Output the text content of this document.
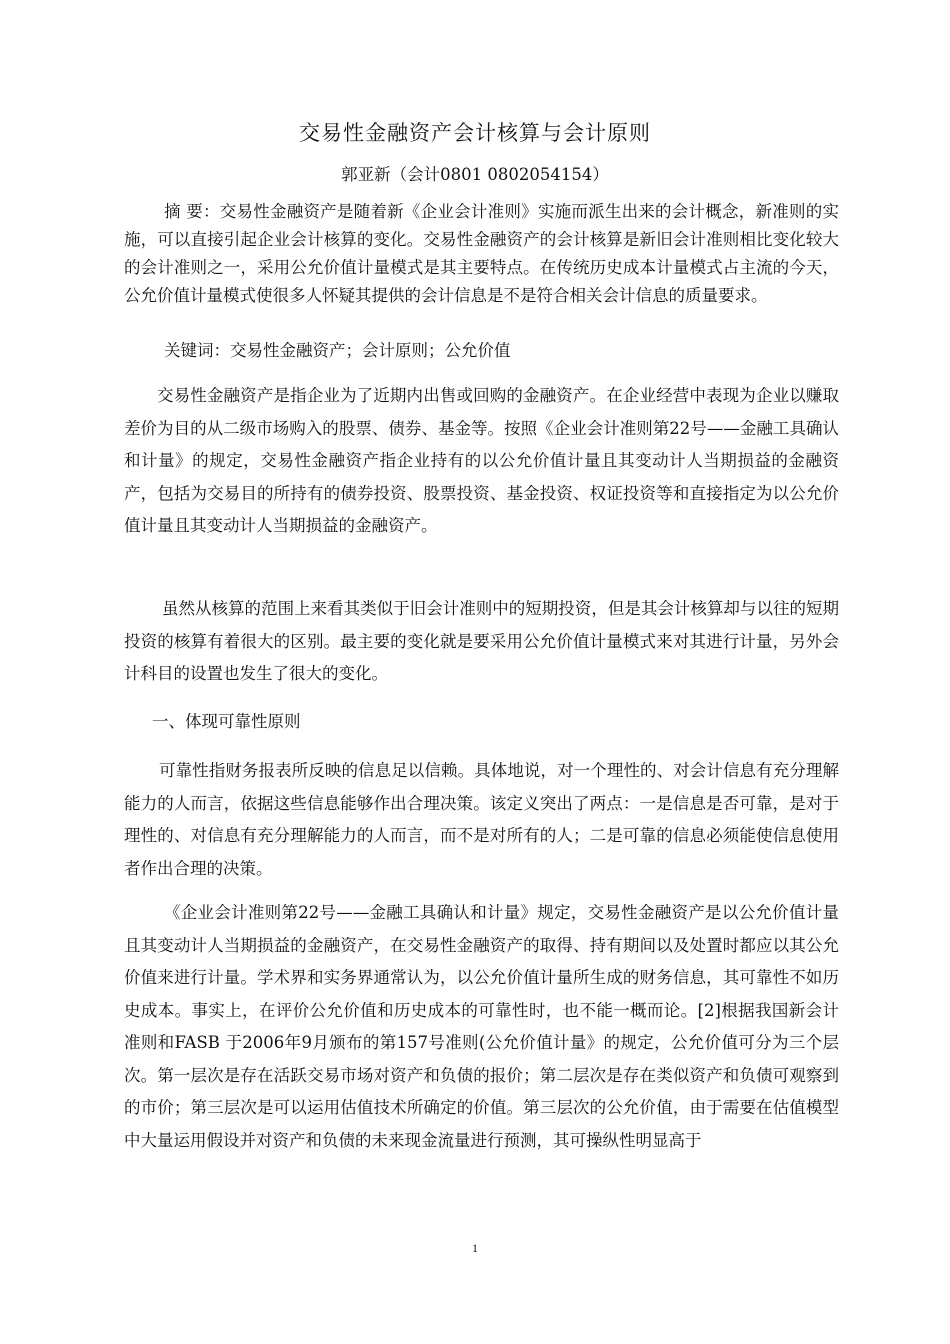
交易性金融资产会计核算与会计原则
郭亚新（会计0801 0802054154）
摘 要：交易性金融资产是随着新《企业会计准则》实施而派生出来的会计概念，新准则的实施，可以直接引起企业会计核算的变化。交易性金融资产的会计核算是新旧会计准则相比变化较大的会计准则之一，采用公允价值计量模式是其主要特点。在传统历史成本计量模式占主流的今天，公允价值计量模式使很多人怀疑其提供的会计信息是不是符合相关会计信息的质量要求。
关键词：交易性金融资产；会计原则；公允价值
交易性金融资产是指企业为了近期内出售或回购的金融资产。在企业经营中表现为企业以赚取差价为目的从二级市场购入的股票、债券、基金等。按照《企业会计准则第22号——金融工具确认和计量》的规定，交易性金融资产指企业持有的以公允价值计量且其变动计人当期损益的金融资产，包括为交易目的所持有的债券投资、股票投资、基金投资、权证投资等和直接指定为以公允价值计量且其变动计人当期损益的金融资产。
虽然从核算的范围上来看其类似于旧会计准则中的短期投资，但是其会计核算却与以往的短期投资的核算有着很大的区别。最主要的变化就是要采用公允价值计量模式来对其进行计量，另外会计科目的设置也发生了很大的变化。
一、体现可靠性原则
可靠性指财务报表所反映的信息足以信赖。具体地说，对一个理性的、对会计信息有充分理解能力的人而言，依据这些信息能够作出合理决策。该定义突出了两点：一是信息是否可靠，是对于理性的、对信息有充分理解能力的人而言，而不是对所有的人；二是可靠的信息必须能使信息使用者作出合理的决策。
《企业会计准则第22号——金融工具确认和计量》规定，交易性金融资产是以公允价值计量且其变动计人当期损益的金融资产，在交易性金融资产的取得、持有期间以及处置时都应以其公允价值来进行计量。学术界和实务界通常认为，以公允价值计量所生成的财务信息，其可靠性不如历史成本。事实上，在评价公允价值和历史成本的可靠性时，也不能一概而论。[2]根据我国新会计准则和FASB 于2006年9月颁布的第157号准则(公允价值计量》的规定，公允价值可分为三个层次。第一层次是存在活跃交易市场对资产和负债的报价；第二层次是存在类似资产和负债可观察到的市价；第三层次是可以运用估值技术所确定的价值。第三层次的公允价值，由于需要在估值模型中大量运用假设并对资产和负债的未来现金流量进行预测，其可操纵性明显高于
1
